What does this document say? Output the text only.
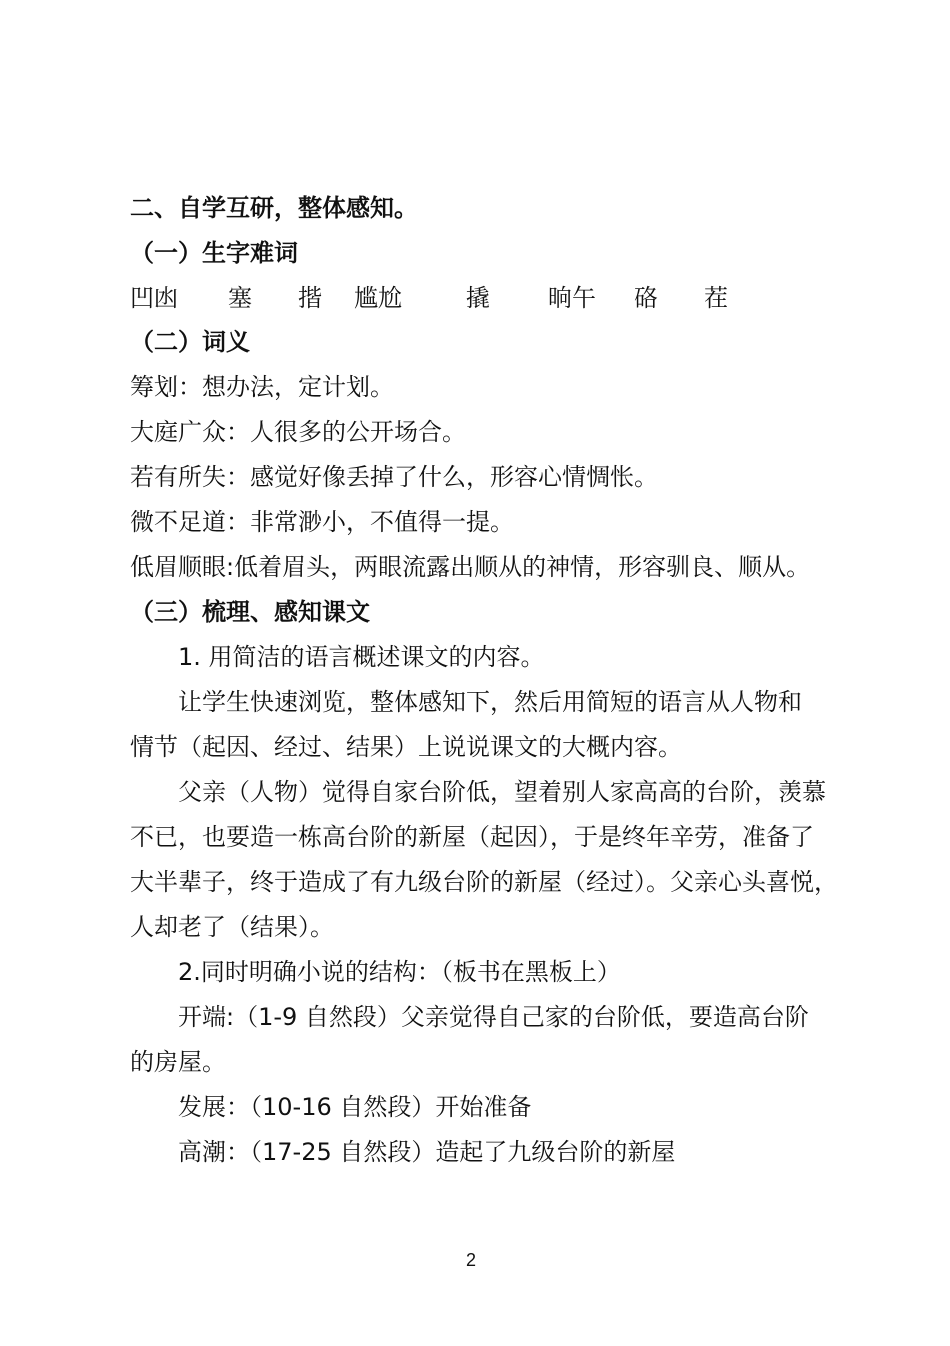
二、自学互研，整体感知。
（一）生字难词
凹凼 塞 揩 尴尬	撬 晌午 硌 茬
（二）词义
筹划：想办法，定计划。
大庭广众：人很多的公开场合。
若有所失：感觉好像丢掉了什么，形容心情惆怅。
微不足道：非常渺小，不值得一提。
低眉顺眼:低着眉头，两眼流露出顺从的神情，形容驯良、顺从。
（三）梳理、感知课文
1. 用简洁的语言概述课文的内容。
让学生快速浏览，整体感知下，然后用简短的语言从人物和
情节（起因、经过、结果）上说说课文的大概内容。
父亲（人物）觉得自家台阶低，望着别人家高高的台阶，羡慕
不已，也要造一栋高台阶的新屋（起因），于是终年辛劳，准备了
大半辈子，终于造成了有九级台阶的新屋（经过）。父亲心头喜悦，
人却老了（结果）。
2.同时明确小说的结构：（板书在黑板上）
开端:（1-9 自然段）父亲觉得自己家的台阶低，要造高台阶
的房屋。
发展：（10-16 自然段）开始准备
高潮：（17-25 自然段）造起了九级台阶的新屋
2
